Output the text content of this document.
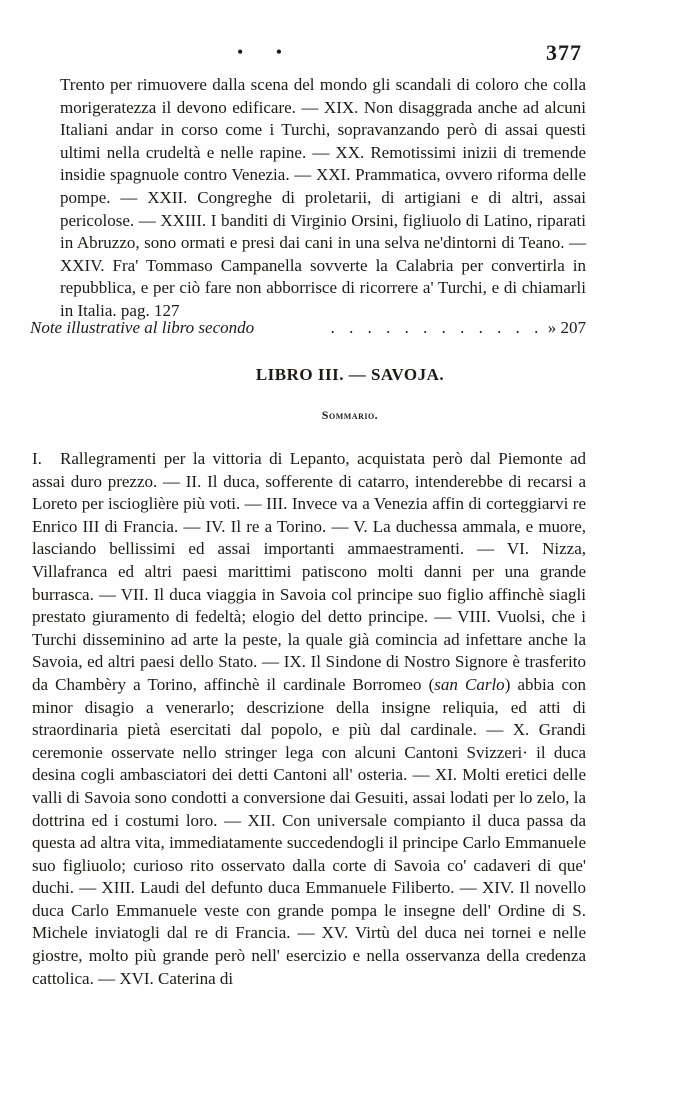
• •	377

Trento per rimuovere dalla scena del mondo gli scandali di coloro che colla morigeratezza il devono edificare. — XIX. Non disaggrada anche ad alcuni Italiani andar in corso come i Turchi, sopravanzando però di assai questi ultimi nella crudeltà e nelle rapine. — XX. Remotissimi inizii di tremende insidie spagnuole contro Venezia. — XXI. Prammatica, ovvero riforma delle pompe. — XXII. Congreghe di proletarii, di artigiani e di altri, assai pericolose. — XXIII. I banditi di Virginio Orsini, figliuolo di Latino, riparati in Abruzzo, sono ormati e presi dai cani in una selva ne'dintorni di Teano. — XXIV. Fra' Tommaso Campanella sovverte la Calabria per convertirla in repubblica, e per ciò fare non abborrisce di ricorrere a' Turchi, e di chiamarli in Italia. pag. 127

Note illustrative al libro secondo	. . . . . . . . . . . . » 207
LIBRO III. — SAVOJA.
Sommario.

I. Rallegramenti per la vittoria di Lepanto, acquistata però dal Piemonte ad assai duro prezzo. — II. Il duca, sofferente di catarro, intenderebbe di recarsi a Loreto per iscioglière più voti. — III. Invece va a Venezia affin di corteggiarvi re Enrico III di Francia. — IV. Il re a Torino. — V. La duchessa ammala, e muore, lasciando bellissimi ed assai importanti ammaestramenti. — VI. Nizza, Villafranca ed altri paesi marittimi patiscono molti danni per una grande burrasca. — VII. Il duca viaggia in Savoia col principe suo figlio affinchè siagli prestato giuramento di fedeltà; elogio del detto principe. — VIII. Vuolsi, che i Turchi disseminino ad arte la peste, la quale già comincia ad infettare anche la Savoia, ed altri paesi dello Stato. — IX. Il Sindone di Nostro Signore è trasferito da Chambèry a Torino, affinchè il cardinale Borromeo (san Carlo) abbia con minor disagio a venerarlo; descrizione della insigne reliquia, ed atti di straordinaria pietà esercitati dal popolo, e più dal cardinale. — X. Grandi ceremonie osservate nello stringer lega con alcuni Cantoni Svizzeri· il duca desina cogli ambasciatori dei detti Cantoni all' osteria. — XI. Molti eretici delle valli di Savoia sono condotti a conversione dai Gesuiti, assai lodati per lo zelo, la dottrina ed i costumi loro. — XII. Con universale compianto il duca passa da questa ad altra vita, immediatamente succedendogli il principe Carlo Emmanuele suo figliuolo; curioso rito osservato dalla corte di Savoia co' cadaveri di que' duchi. — XIII. Laudi del defunto duca Emmanuele Filiberto. — XIV. Il novello duca Carlo Emmanuele veste con grande pompa le insegne dell' Ordine di S. Michele inviatogli dal re di Francia. — XV. Virtù del duca nei tornei e nelle giostre, molto più grande però nell' esercizio e nella osservanza della credenza cattolica. — XVI. Caterina di
